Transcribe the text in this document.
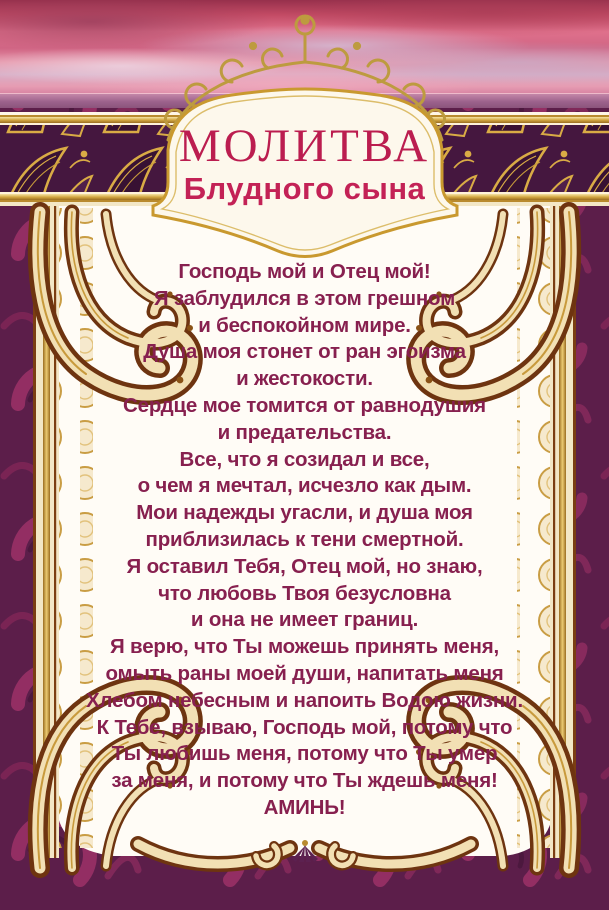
МОЛИТВА
Блудного сына
Господь мой и Отец мой!
Я заблудился в этом грешном
и беспокойном мире.
Душа моя стонет от ран эгоизма
и жестокости.
Сердце мое томится от равнодушия
и предательства.
Все, что я созидал и все,
о чем я мечтал, исчезло как дым.
Мои надежды угасли, и душа моя
приблизилась к тени смертной.
Я оставил Тебя, Отец мой, но знаю,
что любовь Твоя безусловна
и она не имеет границ.
Я верю, что Ты можешь принять меня,
омыть раны моей души, напитать меня
Хлебом небесным и напоить Водою жизни.
К Тебе, взываю, Господь мой, потому что
Ты любишь меня, потому что Ты умер
за меня, и потому что Ты ждешь меня!
АМИНЬ!
